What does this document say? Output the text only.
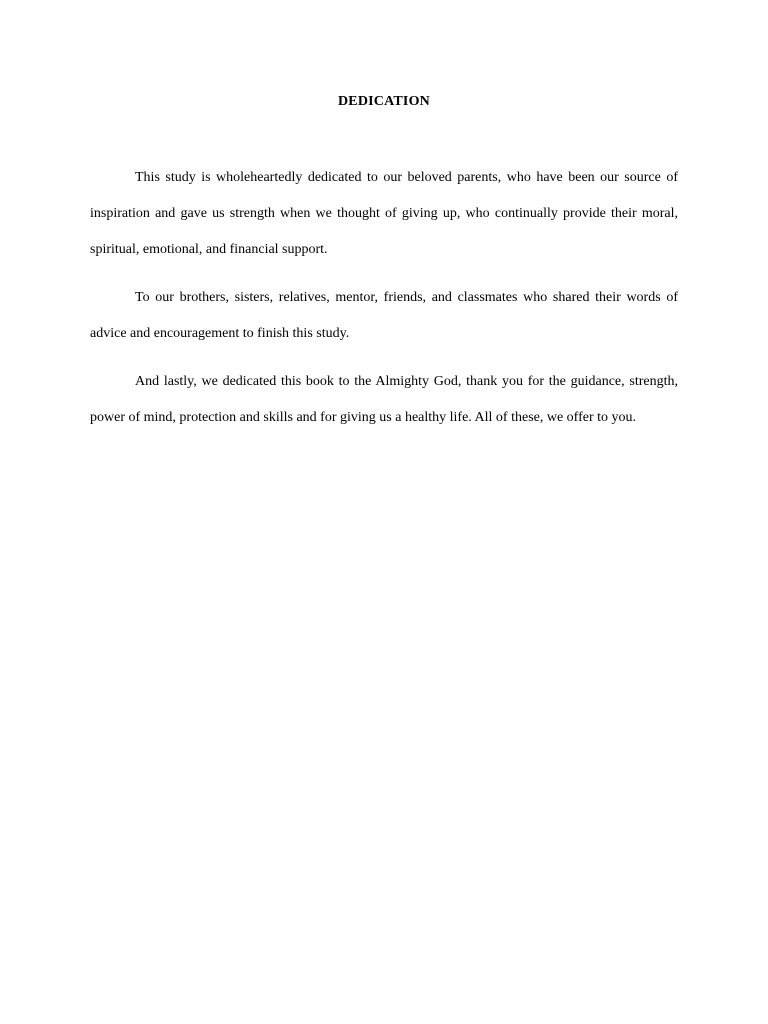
DEDICATION

This study is wholeheartedly dedicated to our beloved parents, who have been our source of inspiration and gave us strength when we thought of giving up, who continually provide their moral, spiritual, emotional, and financial support.

To our brothers, sisters, relatives, mentor, friends, and classmates who shared their words of advice and encouragement to finish this study.

And lastly, we dedicated this book to the Almighty God, thank you for the guidance, strength, power of mind, protection and skills and for giving us a healthy life. All of these, we offer to you.
